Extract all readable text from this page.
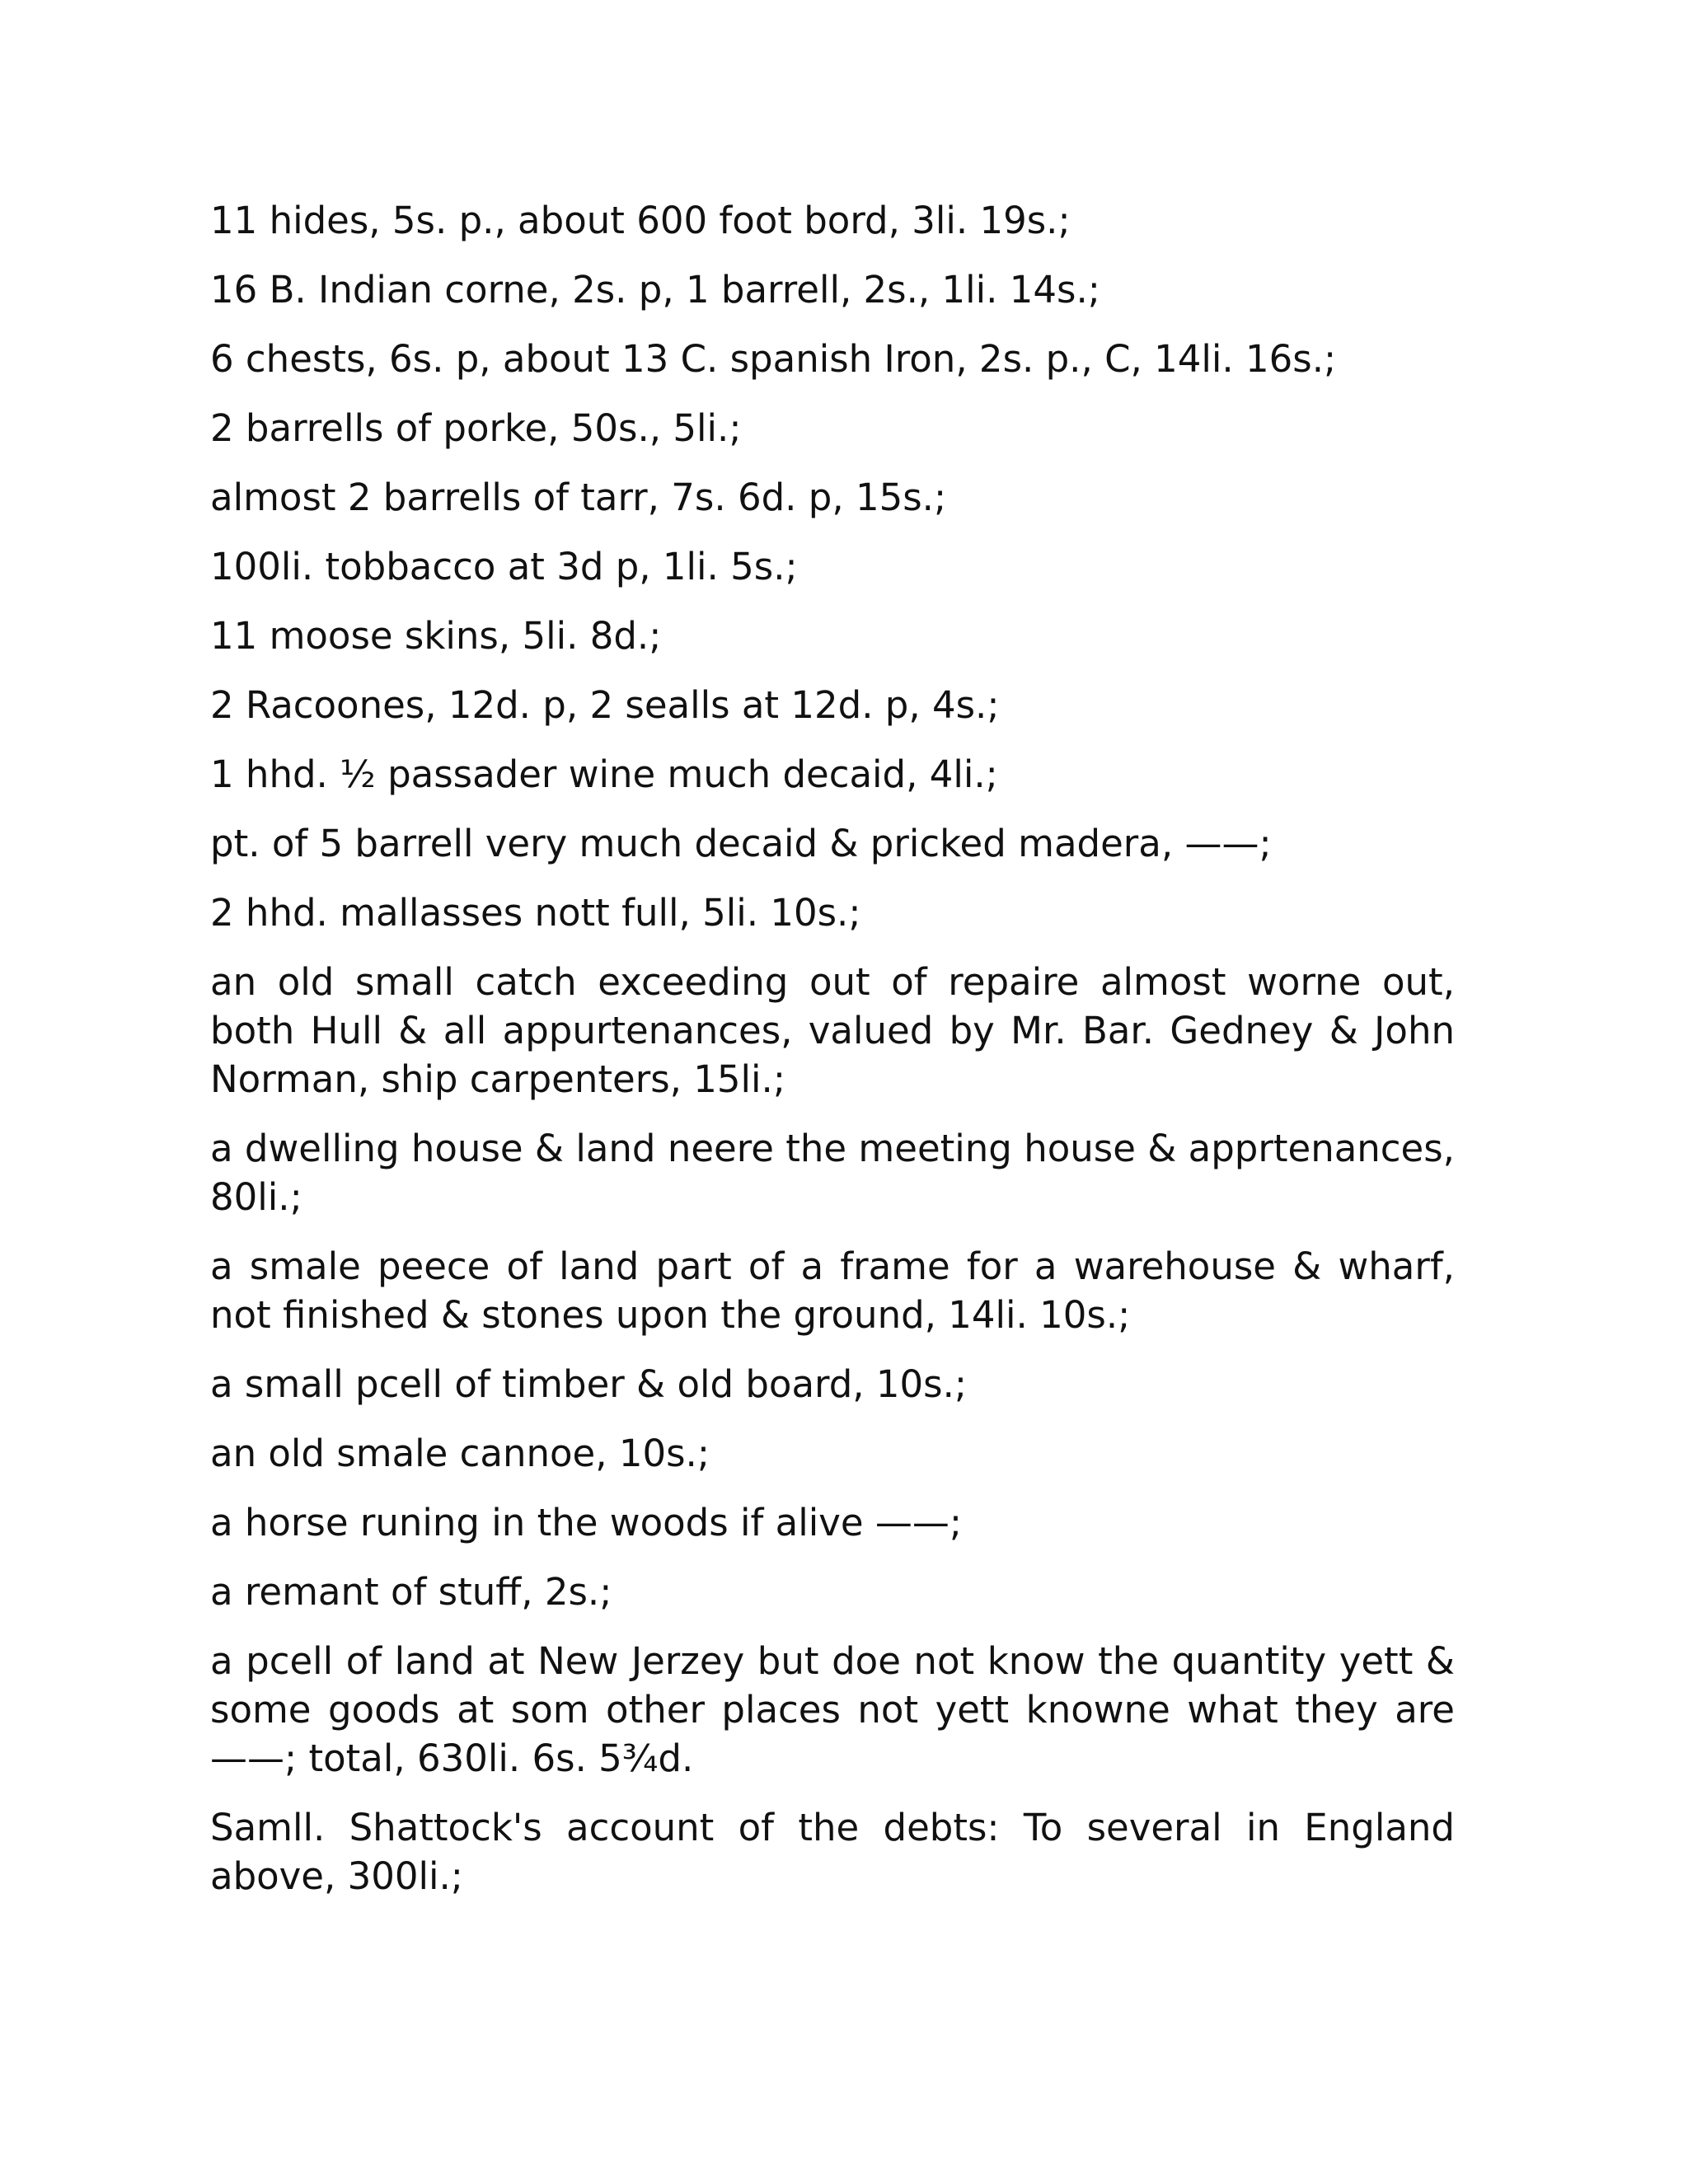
11 hides, 5s. p., about 600 foot bord, 3li. 19s.;

16 B. Indian corne, 2s. p, 1 barrell, 2s., 1li. 14s.;

6 chests, 6s. p, about 13 C. spanish Iron, 2s. p., C, 14li. 16s.;

2 barrells of porke, 50s., 5li.;

almost 2 barrells of tarr, 7s. 6d. p, 15s.;

100li. tobbacco at 3d p, 1li. 5s.;

11 moose skins, 5li. 8d.;

2 Racoones, 12d. p, 2 sealls at 12d. p, 4s.;

1 hhd. ½ passader wine much decaid, 4li.;

pt. of 5 barrell very much decaid & pricked madera, ——;

2 hhd. mallasses nott full, 5li. 10s.;

an old small catch exceeding out of repaire almost worne out, both Hull & all appurtenances, valued by Mr. Bar. Gedney & John Norman, ship carpenters, 15li.;

a dwelling house & land neere the meeting house & apprtenances, 80li.;

a smale peece of land part of a frame for a warehouse & wharf, not finished & stones upon the ground, 14li. 10s.;

a small pcell of timber & old board, 10s.;

an old smale cannoe, 10s.;

a horse runing in the woods if alive ——;

a remant of stuff, 2s.;

a pcell of land at New Jerzey but doe not know the quantity yett & some goods at som other places not yett knowne what they are ——; total, 630li. 6s. 5¾d.

Samll. Shattock's account of the debts: To several in England above, 300li.;
